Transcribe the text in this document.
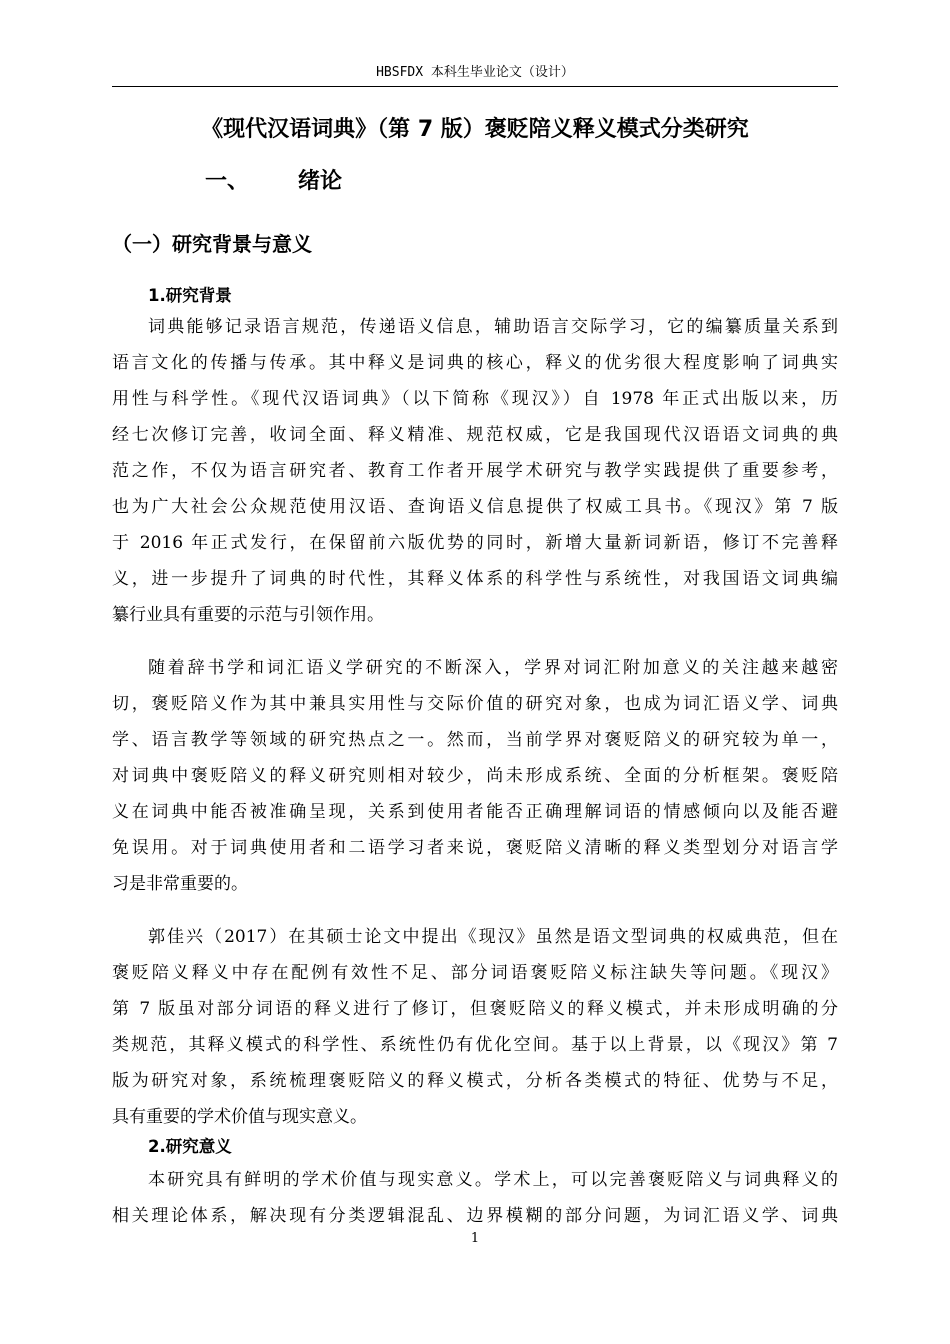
HBSFDX 本科生毕业论文（设计）
《现代汉语词典》（第 7 版）褒贬陪义释义模式分类研究
一、 绪论
（一）研究背景与意义
1.研究背景
词典能够记录语言规范，传递语义信息，辅助语言交际学习，它的编纂质量关系到
语言文化的传播与传承。其中释义是词典的核心，释义的优劣很大程度影响了词典实
用性与科学性。《现代汉语词典》（以下简称《现汉》）自 1978 年正式出版以来，历
经七次修订完善，收词全面、释义精准、规范权威，它是我国现代汉语语文词典的典
范之作，不仅为语言研究者、教育工作者开展学术研究与教学实践提供了重要参考，
也为广大社会公众规范使用汉语、查询语义信息提供了权威工具书。《现汉》第 7 版
于 2016 年正式发行，在保留前六版优势的同时，新增大量新词新语，修订不完善释
义，进一步提升了词典的时代性，其释义体系的科学性与系统性，对我国语文词典编
纂行业具有重要的示范与引领作用。
随着辞书学和词汇语义学研究的不断深入，学界对词汇附加意义的关注越来越密
切，褒贬陪义作为其中兼具实用性与交际价值的研究对象，也成为词汇语义学、词典
学、语言教学等领域的研究热点之一。然而，当前学界对褒贬陪义的研究较为单一，
对词典中褒贬陪义的释义研究则相对较少，尚未形成系统、全面的分析框架。褒贬陪
义在词典中能否被准确呈现，关系到使用者能否正确理解词语的情感倾向以及能否避
免误用。对于词典使用者和二语学习者来说，褒贬陪义清晰的释义类型划分对语言学
习是非常重要的。
郭佳兴（2017）在其硕士论文中提出《现汉》虽然是语文型词典的权威典范，但在
褒贬陪义释义中存在配例有效性不足、部分词语褒贬陪义标注缺失等问题。《现汉》
第 7 版虽对部分词语的释义进行了修订，但褒贬陪义的释义模式，并未形成明确的分
类规范，其释义模式的科学性、系统性仍有优化空间。基于以上背景，以《现汉》第 7
版为研究对象，系统梳理褒贬陪义的释义模式，分析各类模式的特征、优势与不足，
具有重要的学术价值与现实意义。
2.研究意义
本研究具有鲜明的学术价值与现实意义。学术上，可以完善褒贬陪义与词典释义的
相关理论体系，解决现有分类逻辑混乱、边界模糊的部分问题，为词汇语义学、词典
1
